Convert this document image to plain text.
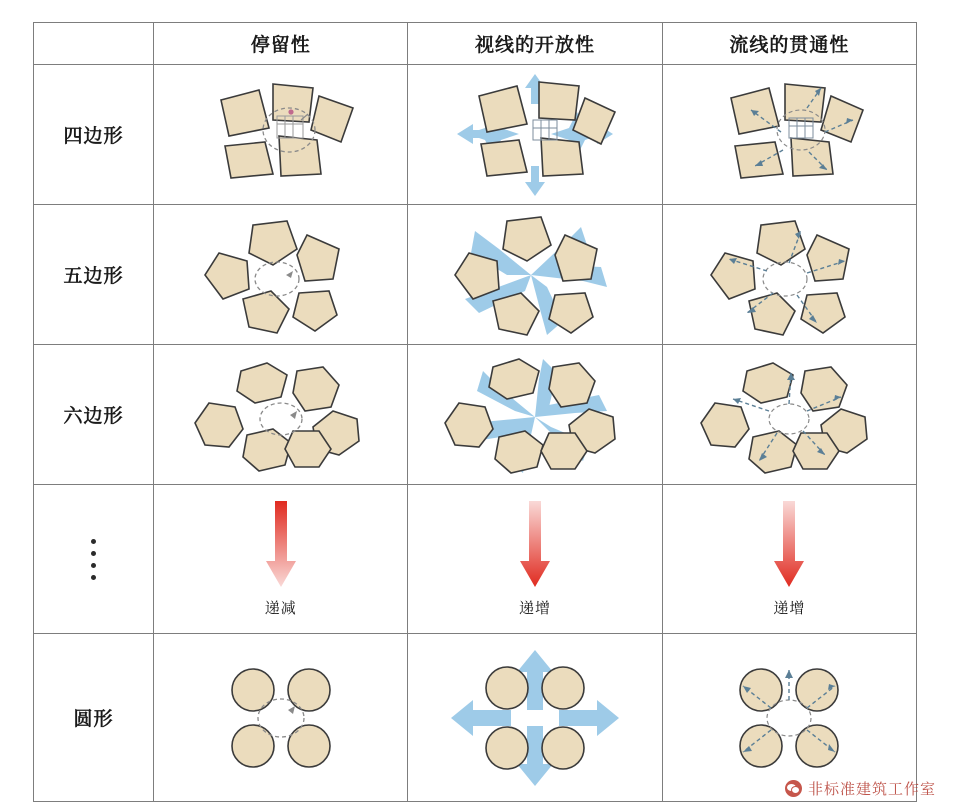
	停留性	视线的开放性	流线的贯通性
四边形	

五边形	

六边形	

	递减	递增	递增

圆形	

非标准建筑工作室
